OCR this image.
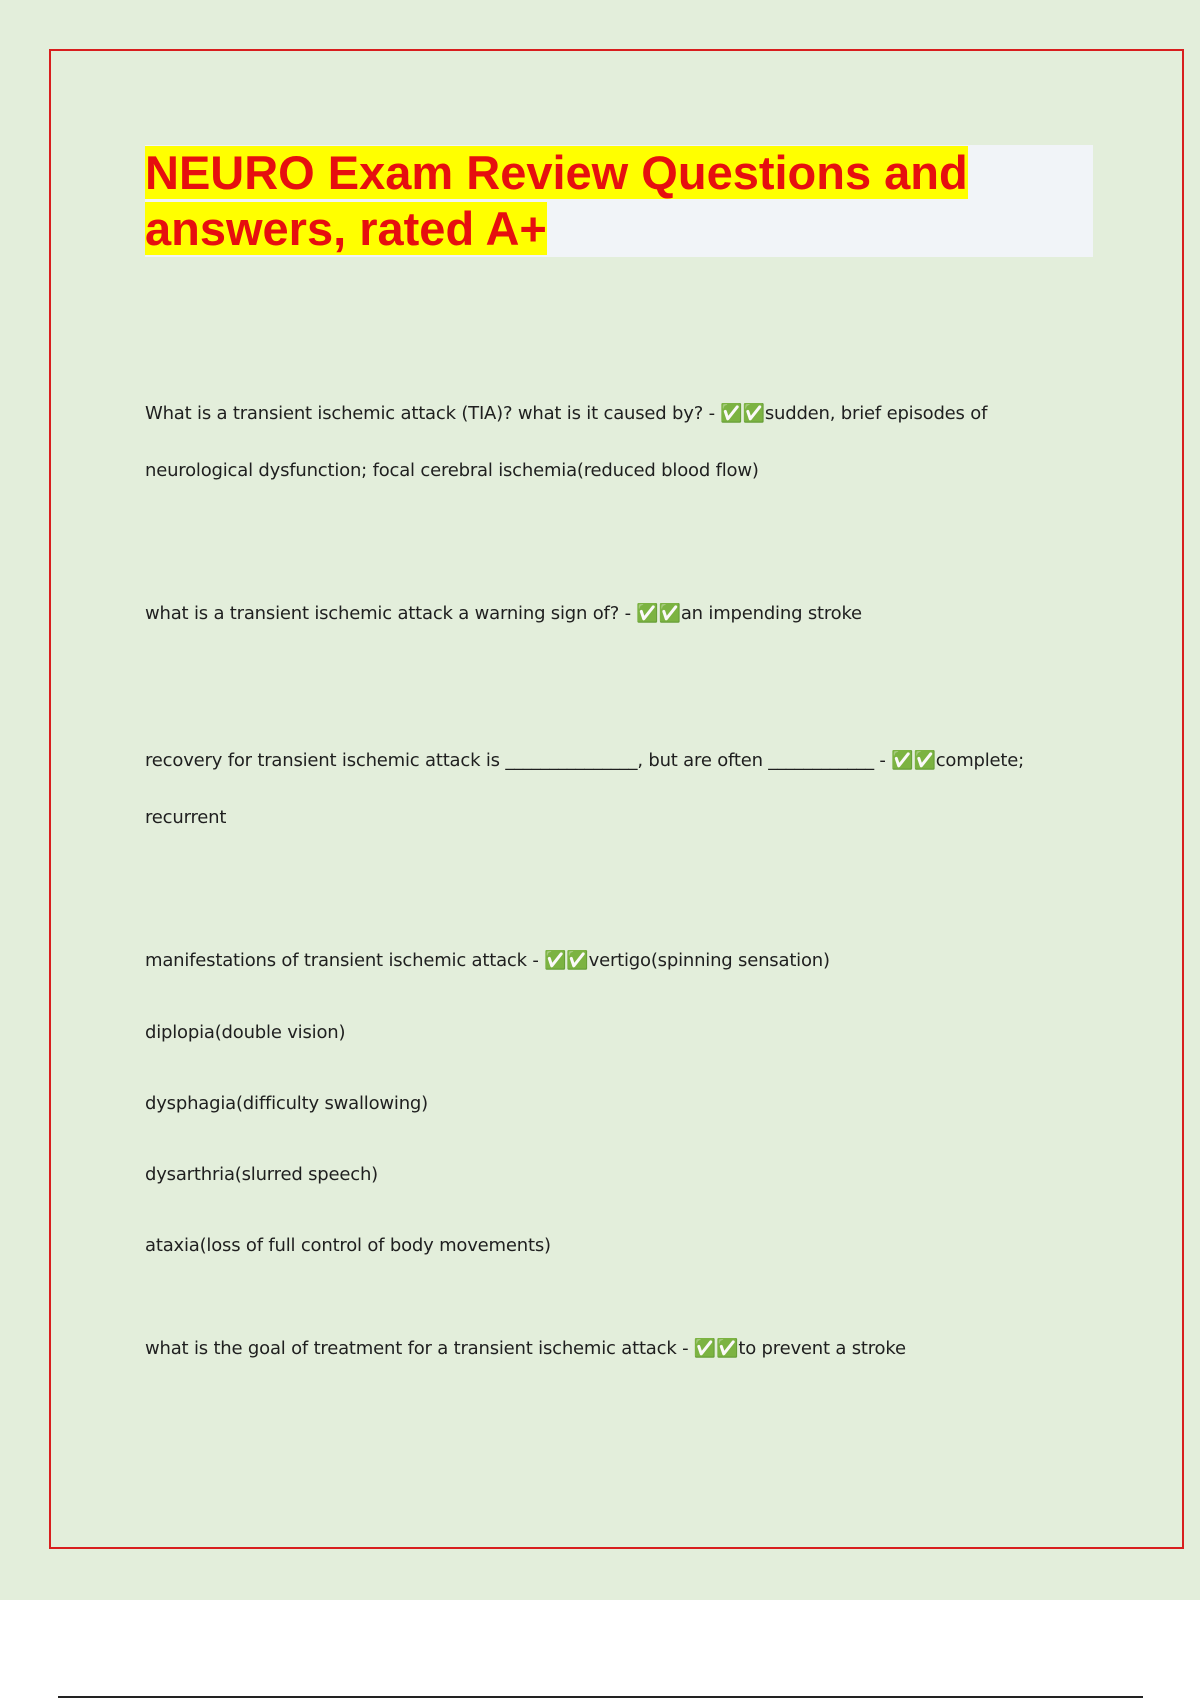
NEURO Exam Review Questions and
answers, rated A+
What is a transient ischemic attack (TIA)? what is it caused by? - ✅✅sudden, brief episodes of
neurological dysfunction; focal cerebral ischemia(reduced blood flow)
what is a transient ischemic attack a warning sign of? - ✅✅an impending stroke
recovery for transient ischemic attack is _______________, but are often ____________ - ✅✅complete;
recurrent
manifestations of transient ischemic attack - ✅✅vertigo(spinning sensation)
diplopia(double vision)
dysphagia(difficulty swallowing)
dysarthria(slurred speech)
ataxia(loss of full control of body movements)
what is the goal of treatment for a transient ischemic attack - ✅✅to prevent a stroke
